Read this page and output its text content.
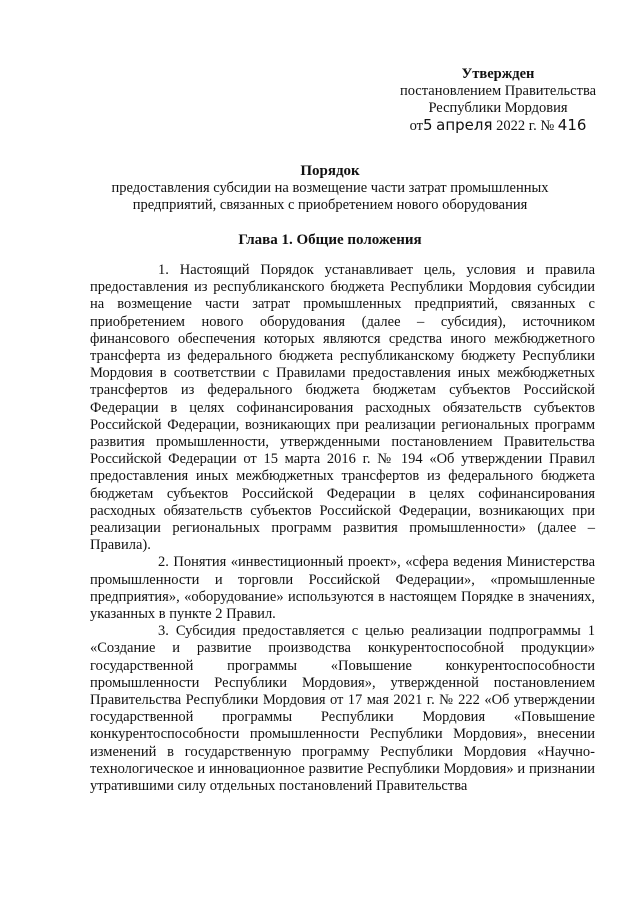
Утвержден
постановлением Правительства
Республики Мордовия
от5 апреля 2022 г. № 416
Порядок
предоставления субсидии на возмещение части затрат промышленных
предприятий, связанных с приобретением нового оборудования
Глава 1. Общие положения

1. Настоящий Порядок устанавливает цель, условия и правила предоставления из республиканского бюджета Республики Мордовия субсидии на возмещение части затрат промышленных предприятий, связанных с приобретением нового оборудования (далее – субсидия), источником финансового обеспечения которых являются средства иного межбюджетного трансферта из федерального бюджета республиканскому бюджету Республики Мордовия в соответствии с Правилами предоставления иных межбюджетных трансфертов из федерального бюджета бюджетам субъектов Российской Федерации в целях софинансирования расходных обязательств субъектов Российской Федерации, возникающих при реализации региональных программ развития промышленности, утвержденными постановлением Правительства Российской Федерации от 15 марта 2016 г. № 194 «Об утверждении Правил предоставления иных межбюджетных трансфертов из федерального бюджета бюджетам субъектов Российской Федерации в целях софинансирования расходных обязательств субъектов Российской Федерации, возникающих при реализации региональных программ развития промышленности» (далее – Правила).

2. Понятия «инвестиционный проект», «сфера ведения Министерства промышленности и торговли Российской Федерации», «промышленные предприятия», «оборудование» используются в настоящем Порядке в значениях, указанных в пункте 2 Правил.

3. Субсидия предоставляется с целью реализации подпрограммы 1 «Создание и развитие производства конкурентоспособной продукции» государственной программы «Повышение конкурентоспособности промышленности Республики Мордовия», утвержденной постановлением Правительства Республики Мордовия от 17 мая 2021 г. № 222 «Об утверждении государственной программы Республики Мордовия «Повышение конкурентоспособности промышленности Республики Мордовия», внесении изменений в государственную программу Республики Мордовия «Научно-технологическое и инновационное развитие Республики Мордовия» и признании утратившими силу отдельных постановлений Правительства
